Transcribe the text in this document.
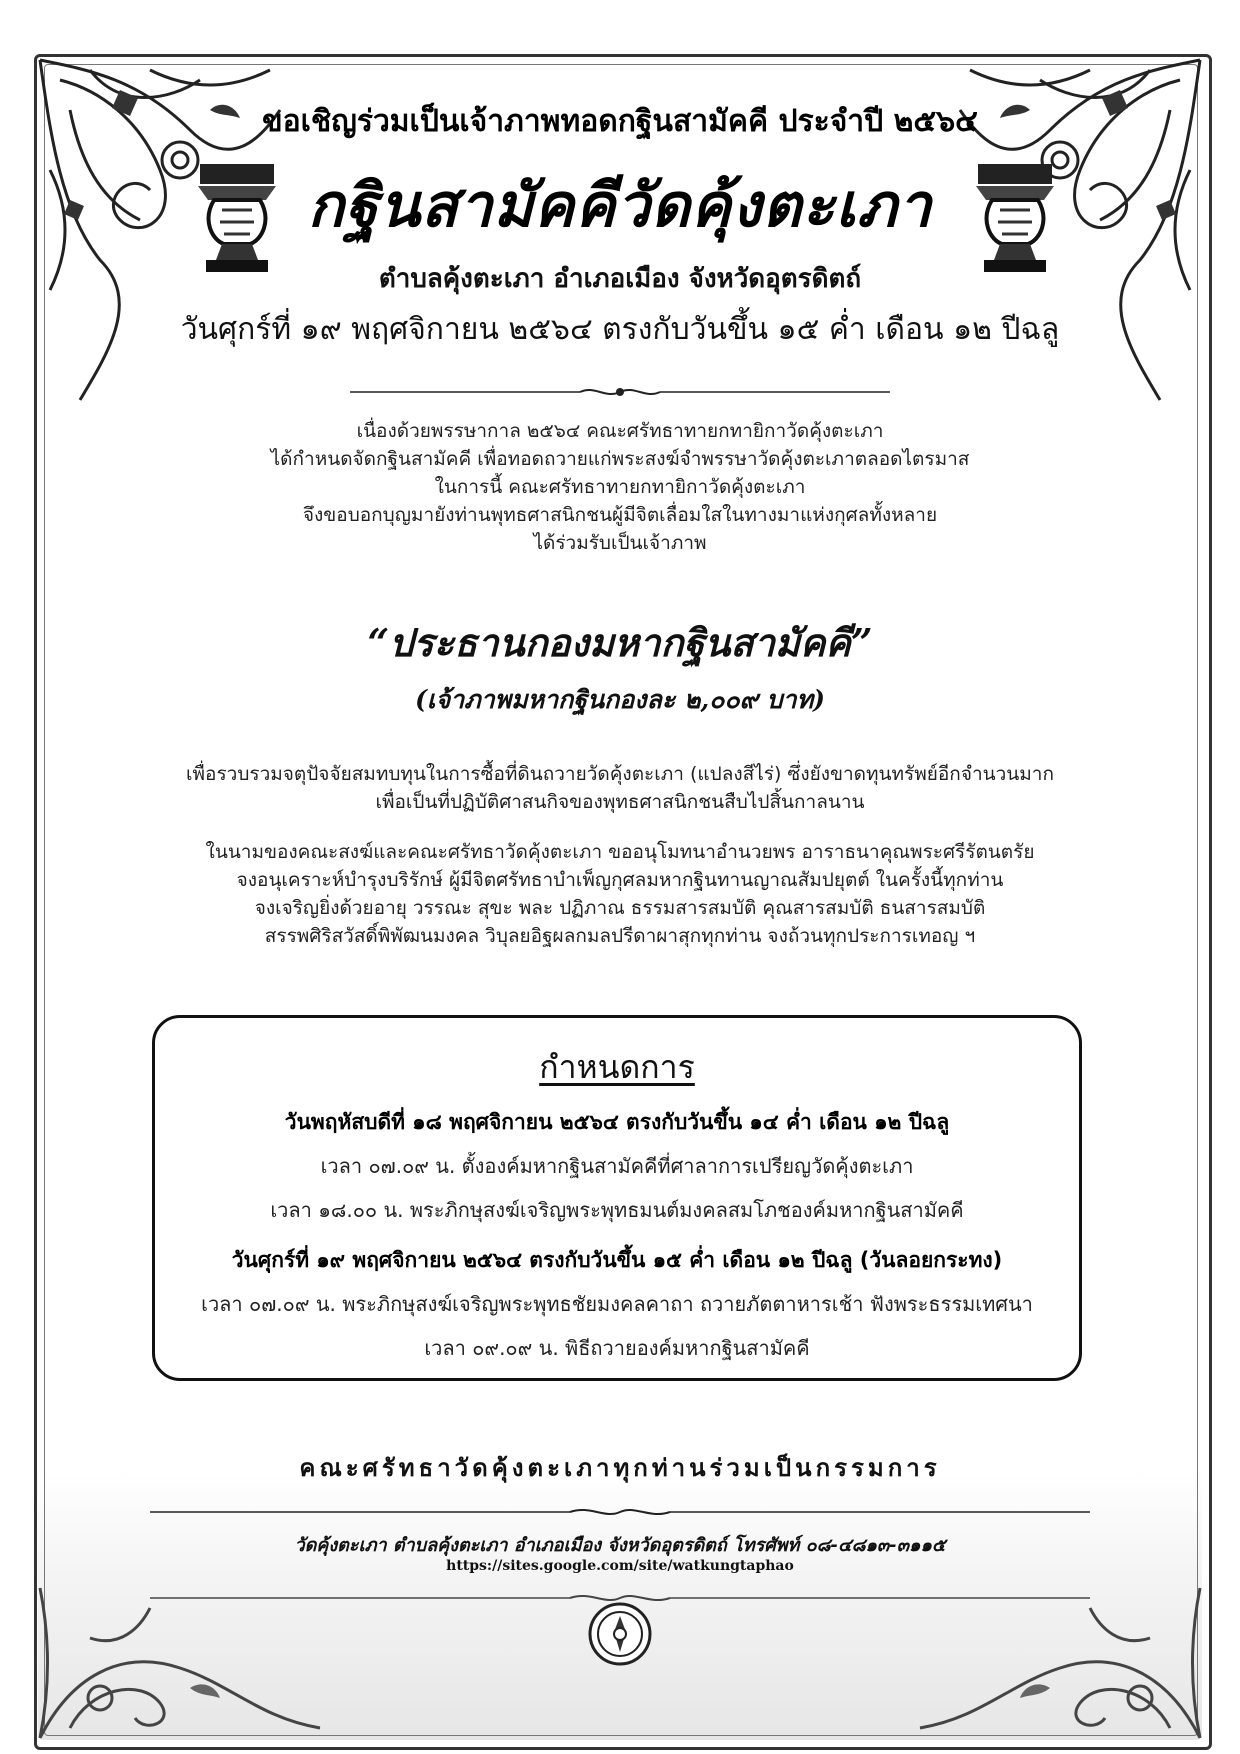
ขอเชิญร่วมเป็นเจ้าภาพทอดกฐินสามัคคี ประจำปี ๒๕๖๔
กฐินสามัคคีวัดคุ้งตะเภา
ตำบลคุ้งตะเภา อำเภอเมือง จังหวัดอุตรดิตถ์
วันศุกร์ที่ ๑๙ พฤศจิกายน ๒๕๖๔ ตรงกับวันขึ้น ๑๕ ค่ำ เดือน ๑๒ ปีฉลู
เนื่องด้วยพรรษากาล ๒๕๖๔ คณะศรัทธาทายกทายิกาวัดคุ้งตะเภา
ได้กำหนดจัดกฐินสามัคคี เพื่อทอดถวายแก่พระสงฆ์จำพรรษาวัดคุ้งตะเภาตลอดไตรมาส
ในการนี้ คณะศรัทธาทายกทายิกาวัดคุ้งตะเภา
จึงขอบอกบุญมายังท่านพุทธศาสนิกชนผู้มีจิตเลื่อมใสในทางมาแห่งกุศลทั้งหลาย
ได้ร่วมรับเป็นเจ้าภาพ
“ประธานกองมหากฐินสามัคคี”
(เจ้าภาพมหากฐินกองละ ๒,๐๐๙ บาท)
เพื่อรวบรวมจตุปัจจัยสมทบทุนในการซื้อที่ดินถวายวัดคุ้งตะเภา (แปลงสีไร่) ซึ่งยังขาดทุนทรัพย์อีกจำนวนมาก
เพื่อเป็นที่ปฏิบัติศาสนกิจของพุทธศาสนิกชนสืบไปสิ้นกาลนาน
ในนามของคณะสงฆ์และคณะศรัทธาวัดคุ้งตะเภา ขออนุโมทนาอำนวยพร อาราธนาคุณพระศรีรัตนตรัย
จงอนุเคราะห์บำรุงบริรักษ์ ผู้มีจิตศรัทธาบำเพ็ญกุศลมหากฐินทานญาณสัมปยุตต์ ในครั้งนี้ทุกท่าน
จงเจริญยิ่งด้วยอายุ วรรณะ สุขะ พละ ปฏิภาณ ธรรมสารสมบัติ คุณสารสมบัติ ธนสารสมบัติ
สรรพศิริสวัสดิ์พิพัฒนมงคล วิบุลยอิฐผลกมลปรีดาผาสุกทุกท่าน จงถ้วนทุกประการเทอญ ฯ
กำหนดการ
วันพฤหัสบดีที่ ๑๘ พฤศจิกายน ๒๕๖๔ ตรงกับวันขึ้น ๑๔ ค่ำ เดือน ๑๒ ปีฉลู
เวลา ๐๗.๐๙ น. ตั้งองค์มหากฐินสามัคคีที่ศาลาการเปรียญวัดคุ้งตะเภา
เวลา ๑๘.๐๐ น. พระภิกษุสงฆ์เจริญพระพุทธมนต์มงคลสมโภชองค์มหากฐินสามัคคี
วันศุกร์ที่ ๑๙ พฤศจิกายน ๒๕๖๔ ตรงกับวันขึ้น ๑๕ ค่ำ เดือน ๑๒ ปีฉลู (วันลอยกระทง)
เวลา ๐๗.๐๙ น. พระภิกษุสงฆ์เจริญพระพุทธชัยมงคลคาถา ถวายภัตตาหารเช้า ฟังพระธรรมเทศนา
เวลา ๐๙.๐๙ น. พิธีถวายองค์มหากฐินสามัคคี
คณะศรัทธาวัดคุ้งตะเภาทุกท่านร่วมเป็นกรรมการ
วัดคุ้งตะเภา ตำบลคุ้งตะเภา อำเภอเมือง จังหวัดอุตรดิตถ์ โทรศัพท์ ๐๘-๔๘๑๓-๓๑๑๕
https://sites.google.com/site/watkungtaphao
